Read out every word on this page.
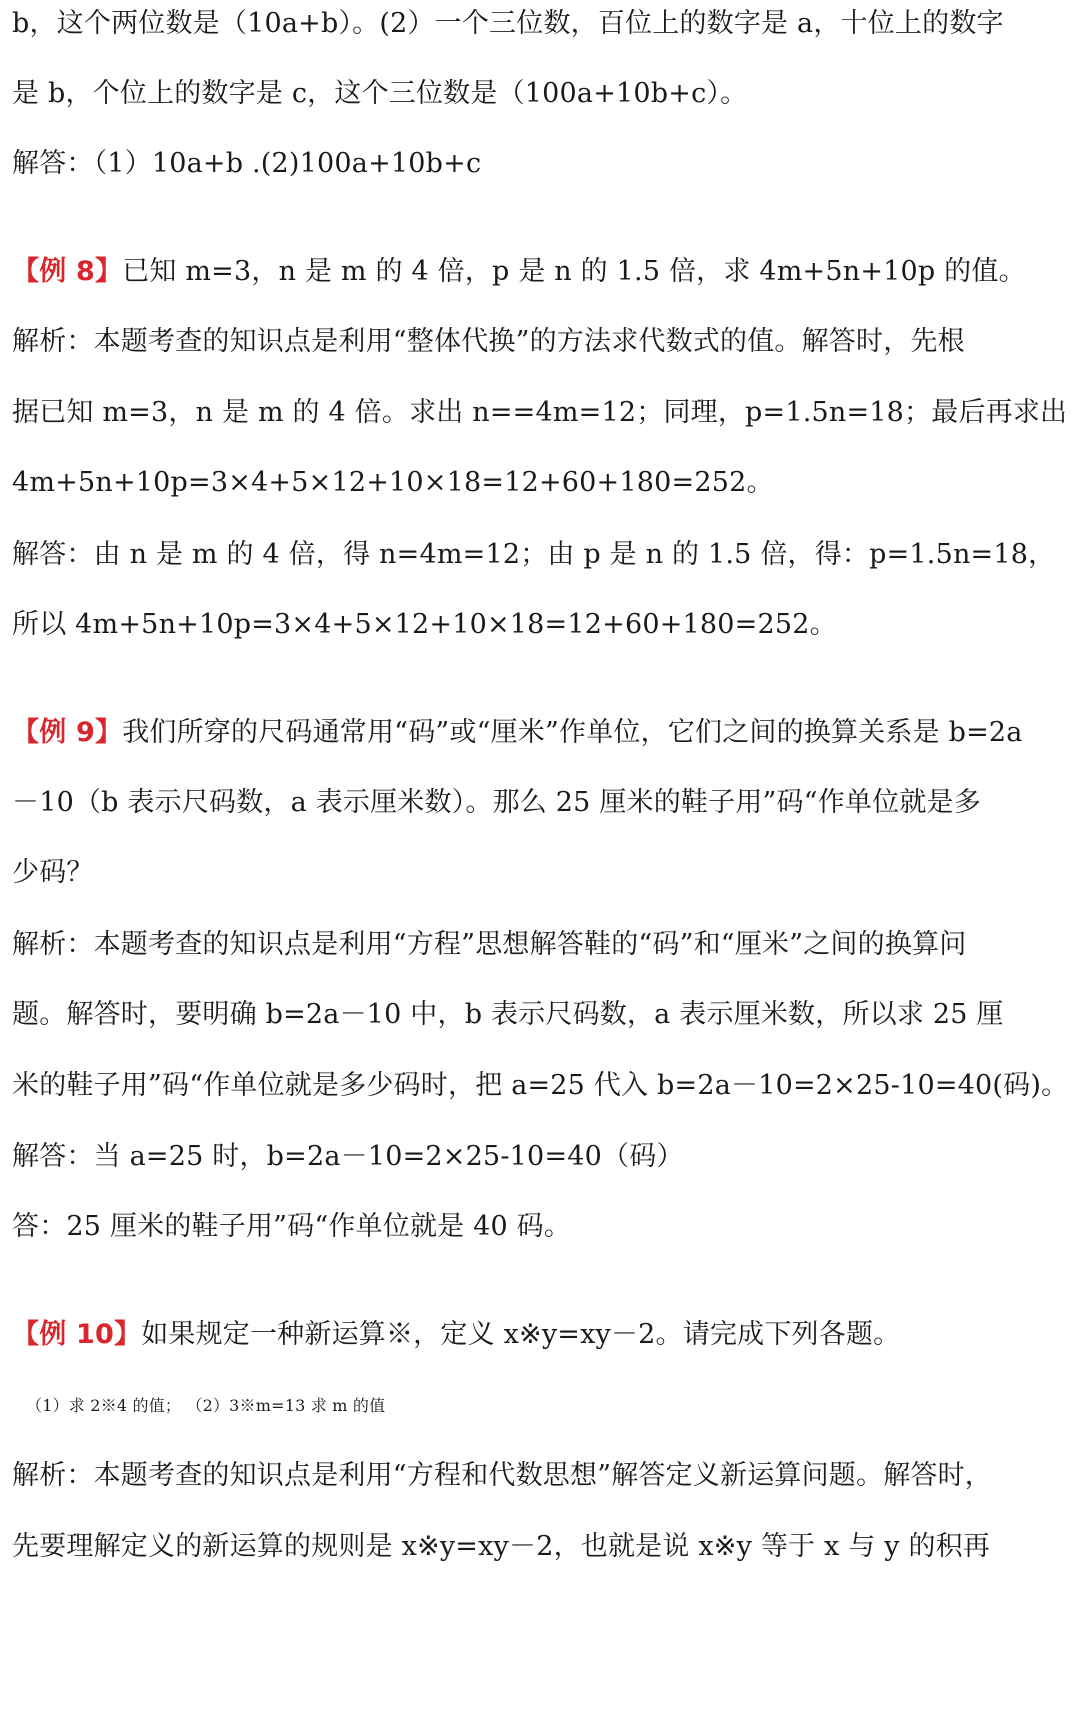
b，这个两位数是（10a+b）。(2）一个三位数，百位上的数字是 a，十位上的数字
是 b，个位上的数字是 c，这个三位数是（100a+10b+c）。
解答：（1）10a+b .(2)100a+10b+c
【例 8】已知 m=3，n 是 m 的 4 倍，p 是 n 的 1.5 倍，求 4m+5n+10p 的值。
解析：本题考查的知识点是利用“整体代换”的方法求代数式的值。解答时，先根
据已知 m=3，n 是 m 的 4 倍。求出 n==4m=12；同理，p=1.5n=18；最后再求出
4m+5n+10p=3×4+5×12+10×18=12+60+180=252。
解答：由 n 是 m 的 4 倍，得 n=4m=12；由 p 是 n 的 1.5 倍，得：p=1.5n=18，
所以 4m+5n+10p=3×4+5×12+10×18=12+60+180=252。
【例 9】我们所穿的尺码通常用“码”或“厘米”作单位，它们之间的换算关系是 b=2a
－10（b 表示尺码数，a 表示厘米数）。那么 25 厘米的鞋子用”码“作单位就是多
少码？
解析：本题考查的知识点是利用“方程”思想解答鞋的“码”和“厘米”之间的换算问
题。解答时，要明确 b=2a－10 中，b 表示尺码数，a 表示厘米数，所以求 25 厘
米的鞋子用”码“作单位就是多少码时，把 a=25 代入 b=2a－10=2×25-10=40(码)。
解答：当 a=25 时，b=2a－10=2×25-10=40（码）
答：25 厘米的鞋子用”码“作单位就是 40 码。
【例 10】如果规定一种新运算※，定义 x※y=xy－2。请完成下列各题。
（1）求 2※4 的值； （2）3※m=13 求 m 的值
解析：本题考查的知识点是利用“方程和代数思想”解答定义新运算问题。解答时，
先要理解定义的新运算的规则是 x※y=xy－2，也就是说 x※y 等于 x 与 y 的积再
